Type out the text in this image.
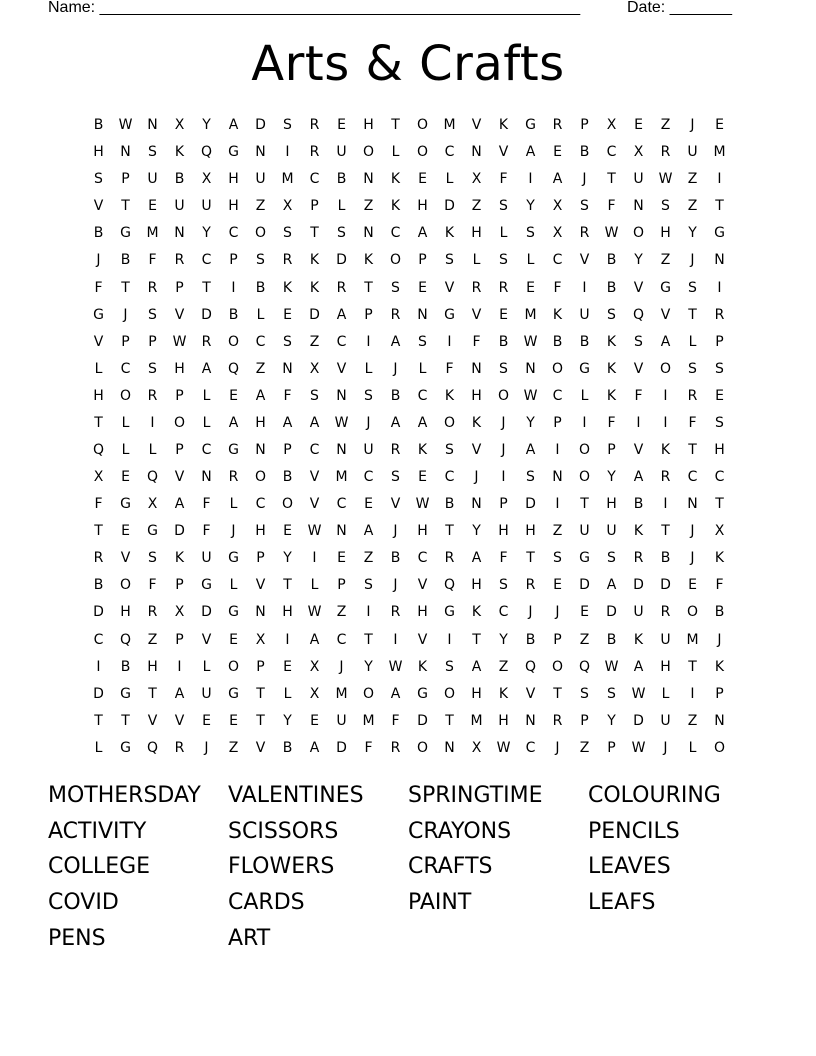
Name: ______________________________________________________	Date: _______
Arts & Crafts
B	W	N	X	Y	A	D	S	R	E	H	T	O	M	V	K	G	R	P	X	E	Z	J	E
H	N	S	K	Q	G	N	I	R	U	O	L	O	C	N	V	A	E	B	C	X	R	U	M
S	P	U	B	X	H	U	M	C	B	N	K	E	L	X	F	I	A	J	T	U	W	Z	I
V	T	E	U	U	H	Z	X	P	L	Z	K	H	D	Z	S	Y	X	S	F	N	S	Z	T
B	G	M	N	Y	C	O	S	T	S	N	C	A	K	H	L	S	X	R	W	O	H	Y	G
J	B	F	R	C	P	S	R	K	D	K	O	P	S	L	S	L	C	V	B	Y	Z	J	N
F	T	R	P	T	I	B	K	K	R	T	S	E	V	R	R	E	F	I	B	V	G	S	I
G	J	S	V	D	B	L	E	D	A	P	R	N	G	V	E	M	K	U	S	Q	V	T	R
V	P	P	W	R	O	C	S	Z	C	I	A	S	I	F	B	W	B	B	K	S	A	L	P
L	C	S	H	A	Q	Z	N	X	V	L	J	L	F	N	S	N	O	G	K	V	O	S	S
H	O	R	P	L	E	A	F	S	N	S	B	C	K	H	O	W	C	L	K	F	I	R	E
T	L	I	O	L	A	H	A	A	W	J	A	A	O	K	J	Y	P	I	F	I	I	F	S
Q	L	L	P	C	G	N	P	C	N	U	R	K	S	V	J	A	I	O	P	V	K	T	H
X	E	Q	V	N	R	O	B	V	M	C	S	E	C	J	I	S	N	O	Y	A	R	C	C
F	G	X	A	F	L	C	O	V	C	E	V	W	B	N	P	D	I	T	H	B	I	N	T
T	E	G	D	F	J	H	E	W	N	A	J	H	T	Y	H	H	Z	U	U	K	T	J	X
R	V	S	K	U	G	P	Y	I	E	Z	B	C	R	A	F	T	S	G	S	R	B	J	K
B	O	F	P	G	L	V	T	L	P	S	J	V	Q	H	S	R	E	D	A	D	D	E	F
D	H	R	X	D	G	N	H	W	Z	I	R	H	G	K	C	J	J	E	D	U	R	O	B
C	Q	Z	P	V	E	X	I	A	C	T	I	V	I	T	Y	B	P	Z	B	K	U	M	J
I	B	H	I	L	O	P	E	X	J	Y	W	K	S	A	Z	Q	O	Q	W	A	H	T	K
D	G	T	A	U	G	T	L	X	M	O	A	G	O	H	K	V	T	S	S	W	L	I	P
T	T	V	V	E	E	T	Y	E	U	M	F	D	T	M	H	N	R	P	Y	D	U	Z	N
L	G	Q	R	J	Z	V	B	A	D	F	R	O	N	X	W	C	J	Z	P	W	J	L	O
MOTHERSDAY	VALENTINES	SPRINGTIME	COLOURING
ACTIVITY	SCISSORS	CRAYONS	PENCILS
COLLEGE	FLOWERS	CRAFTS	LEAVES
COVID	CARDS	PAINT	LEAFS
PENS	ART
